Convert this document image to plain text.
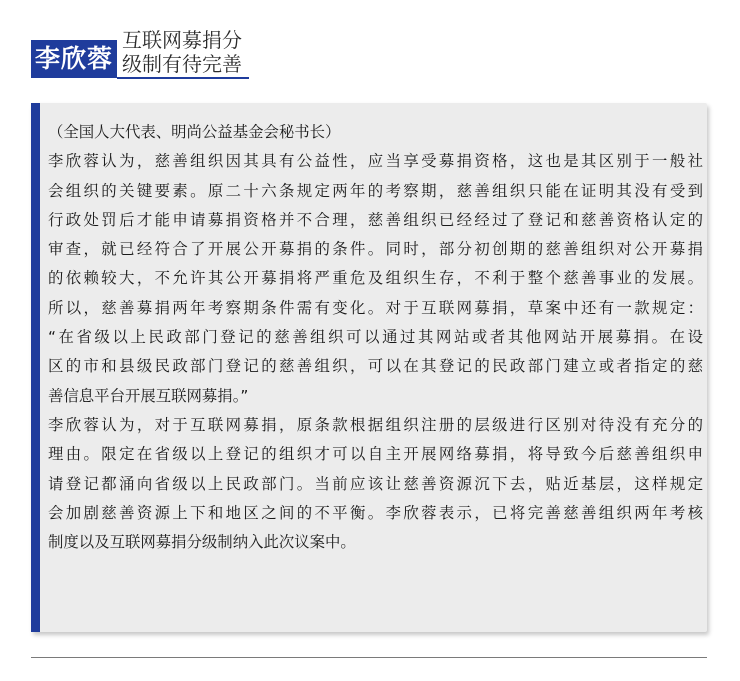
李欣蓉
互联网募捐分
级制有待完善
（全国人大代表、明尚公益基金会秘书长）
李欣蓉认为，慈善组织因其具有公益性，应当享受募捐资格，这也是其区别于一般社
会组织的关键要素。原二十六条规定两年的考察期，慈善组织只能在证明其没有受到
行政处罚后才能申请募捐资格并不合理，慈善组织已经经过了登记和慈善资格认定的
审查，就已经符合了开展公开募捐的条件。同时，部分初创期的慈善组织对公开募捐
的依赖较大，不允许其公开募捐将严重危及组织生存，不利于整个慈善事业的发展。
所以，慈善募捐两年考察期条件需有变化。对于互联网募捐，草案中还有一款规定：
“在省级以上民政部门登记的慈善组织可以通过其网站或者其他网站开展募捐。在设
区的市和县级民政部门登记的慈善组织，可以在其登记的民政部门建立或者指定的慈
善信息平台开展互联网募捐。”
李欣蓉认为，对于互联网募捐，原条款根据组织注册的层级进行区别对待没有充分的
理由。限定在省级以上登记的组织才可以自主开展网络募捐，将导致今后慈善组织申
请登记都涌向省级以上民政部门。当前应该让慈善资源沉下去，贴近基层，这样规定
会加剧慈善资源上下和地区之间的不平衡。李欣蓉表示，已将完善慈善组织两年考核
制度以及互联网募捐分级制纳入此次议案中。
